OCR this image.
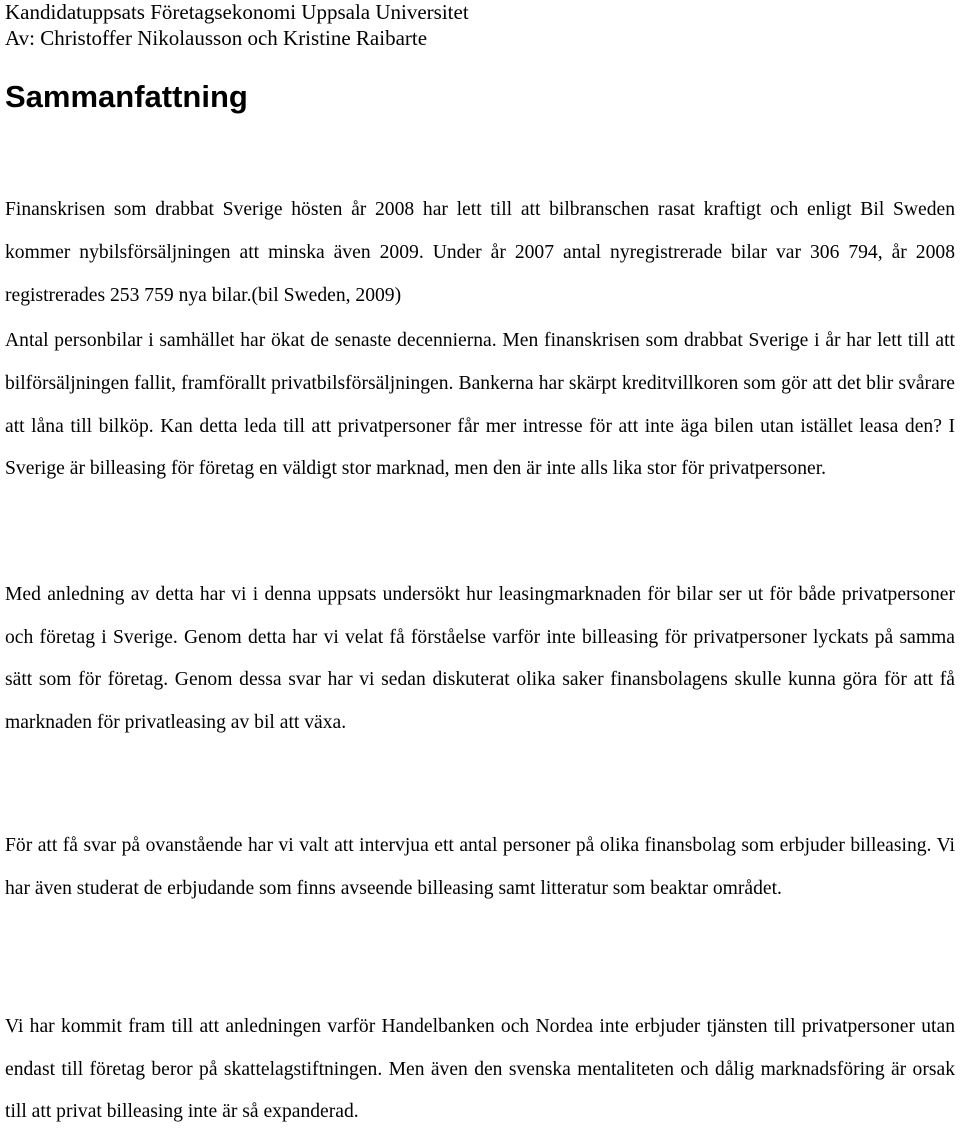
Kandidatuppsats Företagsekonomi Uppsala Universitet
Av: Christoffer Nikolausson och Kristine Raibarte
Sammanfattning

Finanskrisen som drabbat Sverige hösten år 2008 har lett till att bilbranschen rasat kraftigt och enligt Bil Sweden kommer nybilsförsäljningen att minska även 2009. Under år 2007 antal nyregistrerade bilar var 306 794, år 2008 registrerades 253 759 nya bilar.(bil Sweden, 2009)

Antal personbilar i samhället har ökat de senaste decennierna. Men finanskrisen som drabbat Sverige i år har lett till att bilförsäljningen fallit, framförallt privatbilsförsäljningen. Bankerna har skärpt kreditvillkoren som gör att det blir svårare att låna till bilköp. Kan detta leda till att privatpersoner får mer intresse för att inte äga bilen utan istället leasa den? I Sverige är billeasing för företag en väldigt stor marknad, men den är inte alls lika stor för privatpersoner.

Med anledning av detta har vi i denna uppsats undersökt hur leasingmarknaden för bilar ser ut för både privatpersoner och företag i Sverige. Genom detta har vi velat få förståelse varför inte billeasing för privatpersoner lyckats på samma sätt som för företag. Genom dessa svar har vi sedan diskuterat olika saker finansbolagens skulle kunna göra för att få marknaden för privatleasing av bil att växa.

För att få svar på ovanstående har vi valt att intervjua ett antal personer på olika finansbolag som erbjuder billeasing. Vi har även studerat de erbjudande som finns avseende billeasing samt litteratur som beaktar området.

Vi har kommit fram till att anledningen varför Handelbanken och Nordea inte erbjuder tjänsten till privatpersoner utan endast till företag beror på skattelagstiftningen. Men även den svenska mentaliteten och dålig marknadsföring är orsak till att privat billeasing inte är så expanderad.
